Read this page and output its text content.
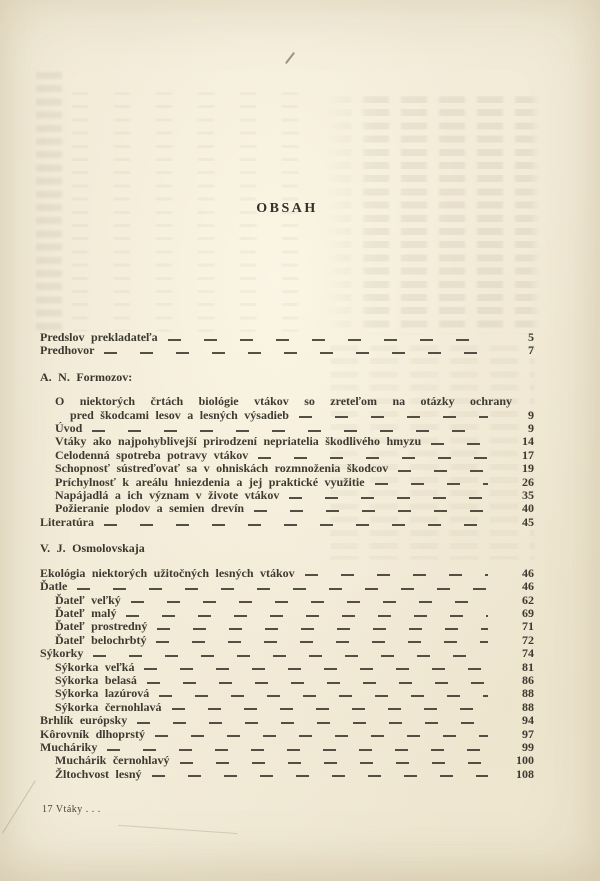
OBSAH
Predslov prekladateľa	5
Predhovor	7
A. N. Formozov:
O niektorých črtách biológie vtákov so zreteľom na otázky ochrany
pred škodcami lesov a lesných výsadieb	9
Úvod	9
Vtáky ako najpohyblivejší prirodzení nepriatelia škodlivého hmyzu	14
Celodenná spotreba potravy vtákov	17
Schopnosť sústreďovať sa v ohniskách rozmnoženia škodcov	19
Príchylnosť k areálu hniezdenia a jej praktické využitie	26
Napájadlá a ich význam v živote vtákov	35
Požieranie plodov a semien drevín	40
Literatúra	45
V. J. Osmolovskaja
Ekológia niektorých užitočných lesných vtákov	46
Ďatle	46
Ďateľ veľký	62
Ďateľ malý	69
Ďateľ prostredný	71
Ďateľ belochrbtý	72
Sýkorky	74
Sýkorka veľká	81
Sýkorka belasá	86
Sýkorka lazúrová	88
Sýkorka černohlavá	88
Brhlík európsky	94
Kôrovník dlhoprstý	97
Mucháriky	99
Muchárik černohlavý	100
Žltochvost lesný	108
17 Vtáky . . .
